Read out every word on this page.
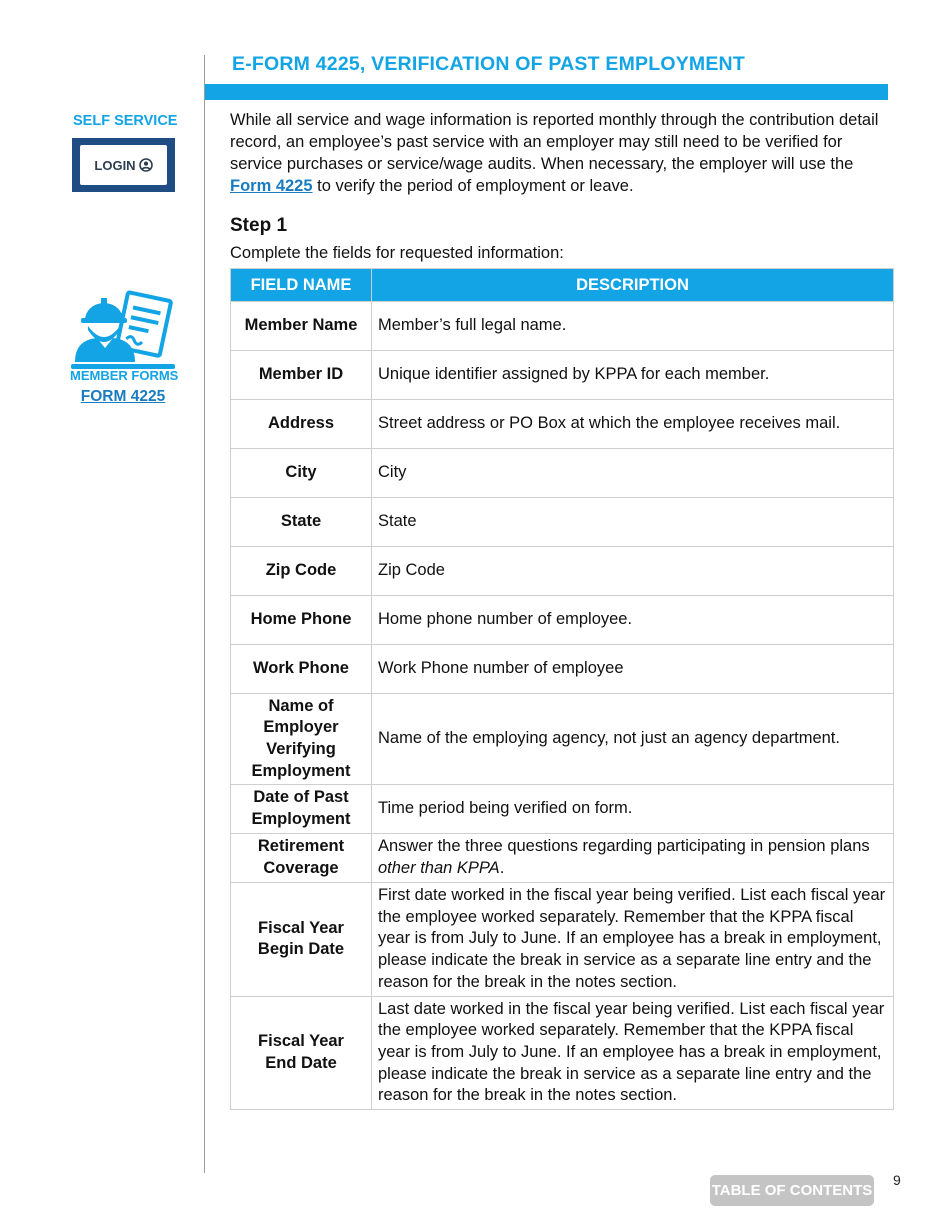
E-FORM 4225, VERIFICATION OF PAST EMPLOYMENT
SELF SERVICE
LOGIN
MEMBER FORMS
FORM 4225

While all service and wage information is reported monthly through the contribution detail record, an employee’s past service with an employer may still need to be verified for service purchases or service/wage audits. When necessary, the employer will use the Form 4225 to verify the period of employment or leave.

Step 1

Complete the fields for requested information:

FIELD NAME	DESCRIPTION
Member Name	Member’s full legal name.
Member ID	Unique identifier assigned by KPPA for each member.
Address	Street address or PO Box at which the employee receives mail.
City	City
State	State
Zip Code	Zip Code
Home Phone	Home phone number of employee.
Work Phone	Work Phone number of employee
Name of Employer Verifying Employment	Name of the employing agency, not just an agency department.
Date of Past Employment	Time period being verified on form.
Retirement Coverage	Answer the three questions regarding participating in pension plans other than KPPA.
Fiscal Year Begin Date	First date worked in the fiscal year being verified. List each fiscal year the employee worked separately. Remember that the KPPA fiscal year is from July to June. If an employee has a break in employment, please indicate the break in service as a separate line entry and the reason for the break in the notes section.
Fiscal Year End Date	Last date worked in the fiscal year being verified. List each fiscal year the employee worked separately. Remember that the KPPA fiscal year is from July to June. If an employee has a break in employment, please indicate the break in service as a separate line entry and the reason for the break in the notes section.
TABLE OF CONTENTS
9
